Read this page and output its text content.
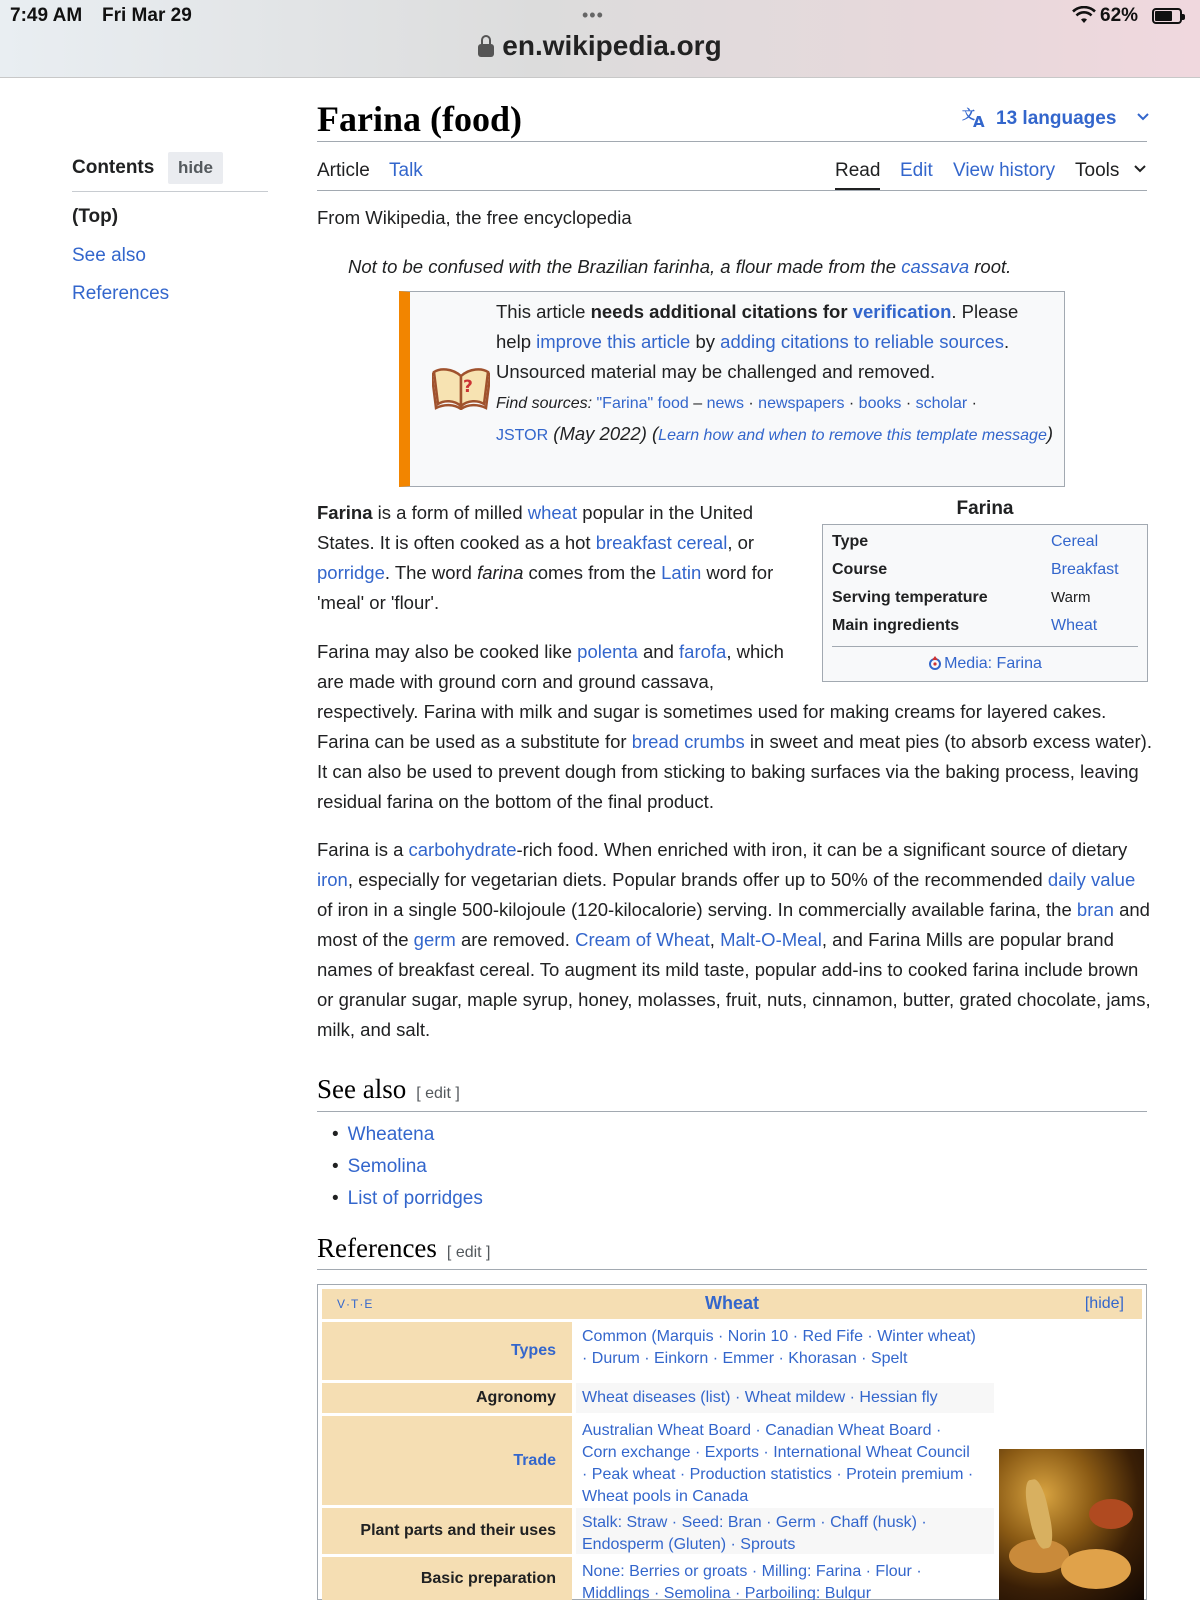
7:49 AM Fri Mar 29	•••	62%
en.wikipedia.org
Contents	hide
(Top)
See also
References
Farina (food)	文
A 13 languages
Article Talk	Read Edit View history Tools
From Wikipedia, the free encyclopedia
Not to be confused with the Brazilian farinha, a flour made from the cassava root.
?
This article needs additional citations for verification. Please help improve this article by adding citations to reliable sources. Unsourced material may be challenged and removed.
Find sources: "Farina" food – news · newspapers · books · scholar ·
JSTOR (May 2022) (Learn how and when to remove this template message)
Farina
Type	Cereal
Course	Breakfast
Serving temperature	Warm
Main ingredients	Wheat
Media: Farina
Farina is a form of milled wheat popular in the United States. It is often cooked as a hot breakfast cereal, or porridge. The word farina comes from the Latin word for 'meal' or 'flour'.
Farina may also be cooked like polenta and farofa, which are made with ground corn and ground cassava,
respectively. Farina with milk and sugar is sometimes used for making creams for layered cakes. Farina can be used as a substitute for bread crumbs in sweet and meat pies (to absorb excess water). It can also be used to prevent dough from sticking to baking surfaces via the baking process, leaving residual farina on the bottom of the final product.
Farina is a carbohydrate-rich food. When enriched with iron, it can be a significant source of dietary iron, especially for vegetarian diets. Popular brands offer up to 50% of the recommended daily value of iron in a single 500-kilojoule (120-kilocalorie) serving. In commercially available farina, the bran and most of the germ are removed. Cream of Wheat, Malt-O-Meal, and Farina Mills are popular brand names of breakfast cereal. To augment its mild taste, popular add-ins to cooked farina include brown or granular sugar, maple syrup, honey, molasses, fruit, nuts, cinnamon, butter, grated chocolate, jams, milk, and salt.
See also [ edit ]
• Wheatena
• Semolina
• List of porridges
References [ edit ]
V·T·E	Wheat	[hide]
Types
Common (Marquis · Norin 10 · Red Fife · Winter wheat)
· Durum · Einkorn · Emmer · Khorasan · Spelt
Agronomy Wheat diseases (list) · Wheat mildew · Hessian fly
Trade
Australian Wheat Board · Canadian Wheat Board ·
Corn exchange · Exports · International Wheat Council
· Peak wheat · Production statistics · Protein premium ·
Wheat pools in Canada
Plant parts and their uses Stalk: Straw · Seed: Bran · Germ · Chaff (husk) ·
Endosperm (Gluten) · Sprouts
Basic preparation None: Berries or groats · Milling: Farina · Flour ·
Middlings · Semolina · Parboiling: Bulgur
